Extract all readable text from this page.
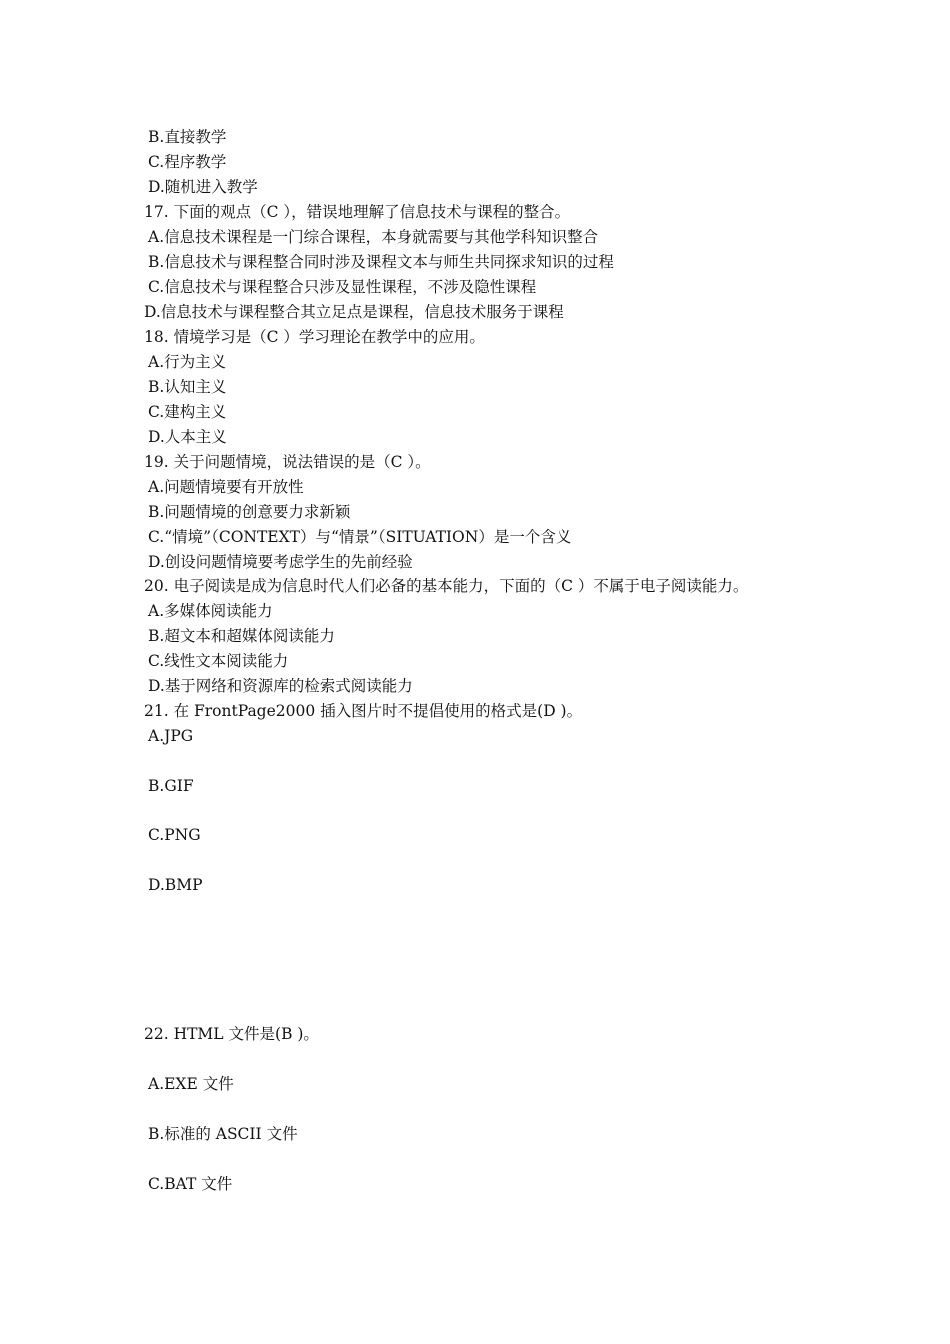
B.直接教学
C.程序教学
D.随机进入教学
17. 下面的观点（C ），错误地理解了信息技术与课程的整合。
A.信息技术课程是一门综合课程，本身就需要与其他学科知识整合
B.信息技术与课程整合同时涉及课程文本与师生共同探求知识的过程
C.信息技术与课程整合只涉及显性课程，不涉及隐性课程
D.信息技术与课程整合其立足点是课程，信息技术服务于课程
18. 情境学习是（C ）学习理论在教学中的应用。
A.行为主义
B.认知主义
C.建构主义
D.人本主义
19. 关于问题情境，说法错误的是（C ）。
A.问题情境要有开放性
B.问题情境的创意要力求新颖
C.“情境”（CONTEXT）与“情景”（SITUATION）是一个含义
D.创设问题情境要考虑学生的先前经验
20. 电子阅读是成为信息时代人们必备的基本能力，下面的（C ）不属于电子阅读能力。
A.多媒体阅读能力
B.超文本和超媒体阅读能力
C.线性文本阅读能力
D.基于网络和资源库的检索式阅读能力
21. 在 FrontPage2000 插入图片时不提倡使用的格式是(D )。
A.JPG
B.GIF
C.PNG
D.BMP
22. HTML 文件是(B )。
A.EXE 文件
B.标准的 ASCII 文件
C.BAT 文件
